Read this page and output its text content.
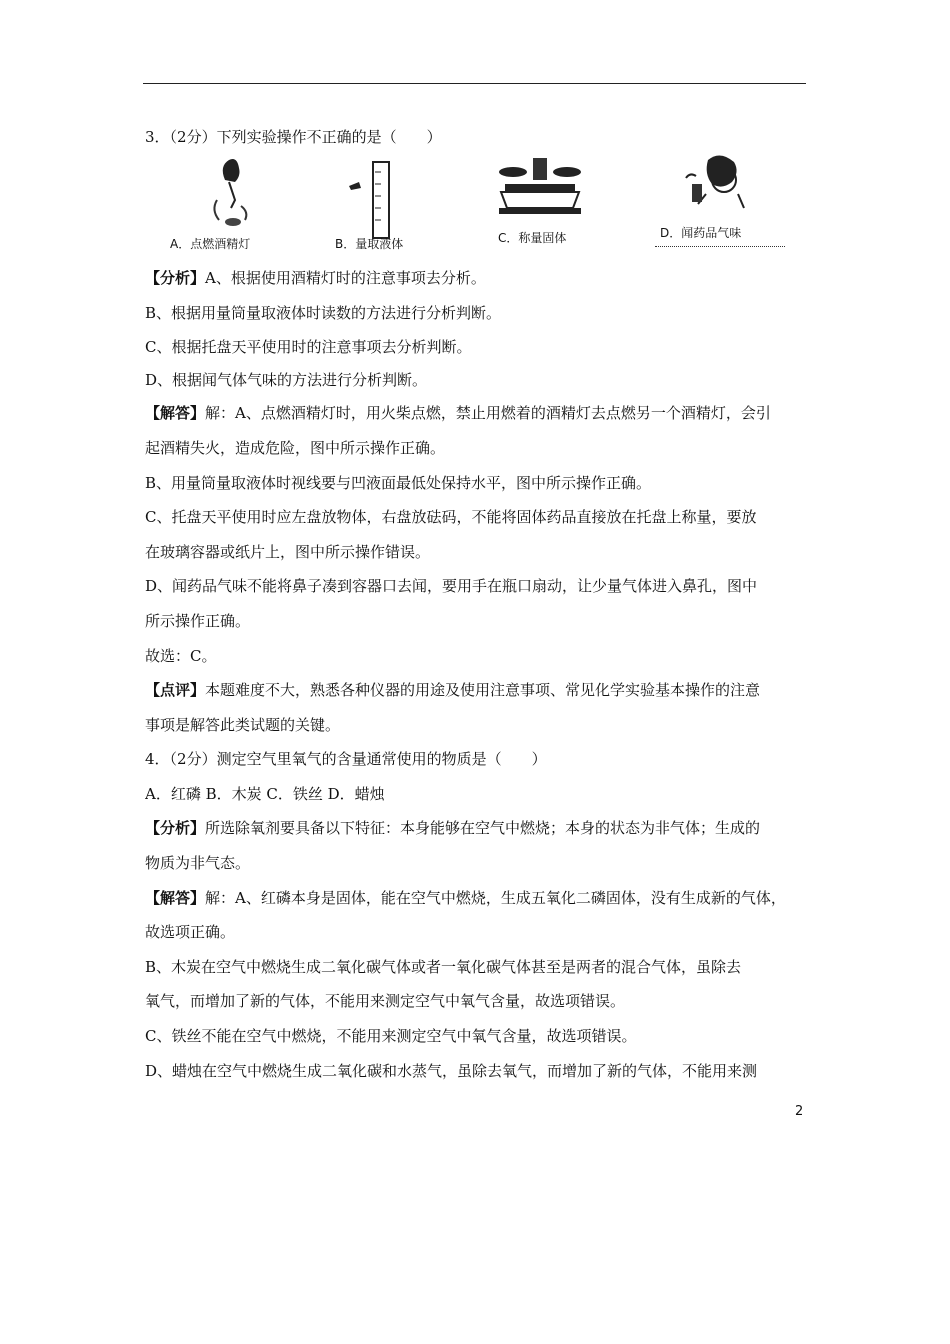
3．（2分）下列实验操作不正确的是（　　）
A．点燃酒精灯	B．量取液体	C．称量固体	D．闻药品气味
【分析】A、根据使用酒精灯时的注意事项去分析。
B、根据用量筒量取液体时读数的方法进行分析判断。
C、根据托盘天平使用时的注意事项去分析判断。
D、根据闻气体气味的方法进行分析判断。
【解答】解：A、点燃酒精灯时，用火柴点燃，禁止用燃着的酒精灯去点燃另一个酒精灯，会引
起酒精失火，造成危险，图中所示操作正确。
B、用量筒量取液体时视线要与凹液面最低处保持水平，图中所示操作正确。
C、托盘天平使用时应左盘放物体，右盘放砝码，不能将固体药品直接放在托盘上称量，要放
在玻璃容器或纸片上，图中所示操作错误。
D、闻药品气味不能将鼻子凑到容器口去闻，要用手在瓶口扇动，让少量气体进入鼻孔，图中
所示操作正确。
故选：C。
【点评】本题难度不大，熟悉各种仪器的用途及使用注意事项、常见化学实验基本操作的注意
事项是解答此类试题的关键。
4．（2分）测定空气里氧气的含量通常使用的物质是（　　）
A．红磷 B．木炭 C．铁丝 D．蜡烛
【分析】所选除氧剂要具备以下特征：本身能够在空气中燃烧；本身的状态为非气体；生成的
物质为非气态。
【解答】解：A、红磷本身是固体，能在空气中燃烧，生成五氧化二磷固体，没有生成新的气体，
故选项正确。
B、木炭在空气中燃烧生成二氧化碳气体或者一氧化碳气体甚至是两者的混合气体，虽除去
氧气，而增加了新的气体，不能用来测定空气中氧气含量，故选项错误。
C、铁丝不能在空气中燃烧，不能用来测定空气中氧气含量，故选项错误。
D、蜡烛在空气中燃烧生成二氧化碳和水蒸气，虽除去氧气，而增加了新的气体，不能用来测
2
